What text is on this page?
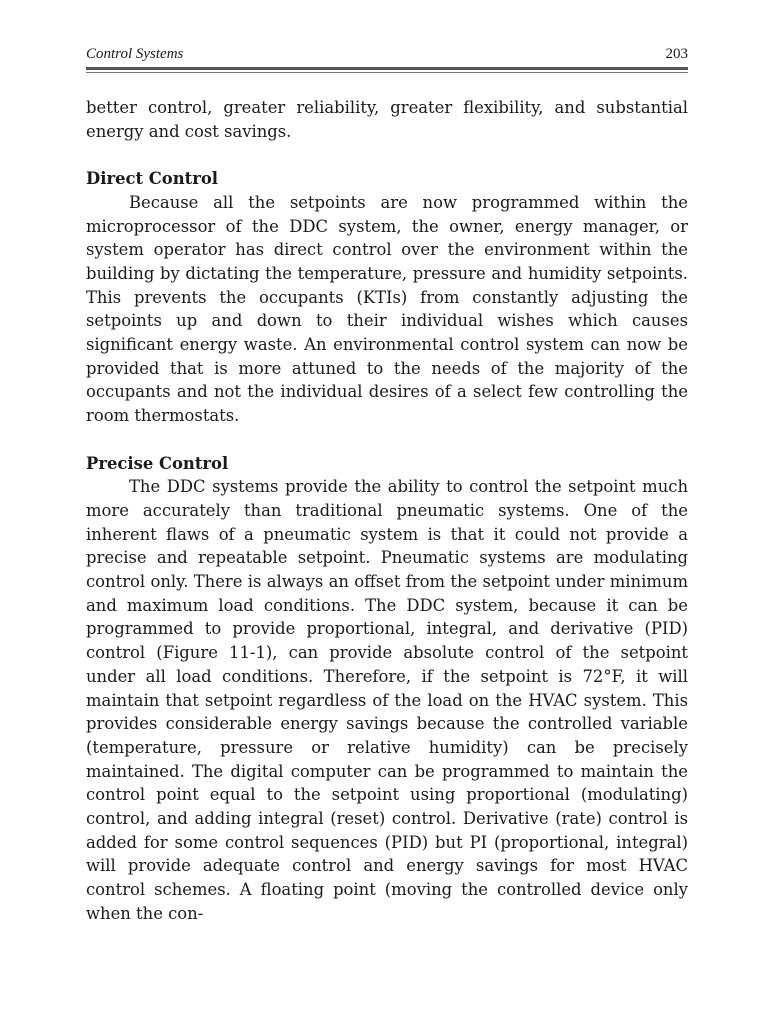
Control Systems	203

better control, greater reliability, greater flexibility, and substantial energy and cost savings.

Direct Control

Because all the setpoints are now programmed within the microprocessor of the DDC system, the owner, energy manager, or system operator has direct control over the environment within the building by dictating the temperature, pressure and humidity setpoints. This prevents the occupants (KTIs) from constantly adjusting the setpoints up and down to their individual wishes which causes significant energy waste. An environmental control system can now be provided that is more attuned to the needs of the majority of the occupants and not the individual desires of a select few controlling the room thermostats.

Precise Control

The DDC systems provide the ability to control the setpoint much more accurately than traditional pneumatic systems. One of the inherent flaws of a pneumatic system is that it could not provide a precise and repeatable setpoint. Pneumatic systems are modulating control only. There is always an offset from the setpoint under minimum and maximum load conditions. The DDC system, because it can be programmed to provide proportional, integral, and derivative (PID) control (Figure 11-1), can provide absolute control of the setpoint under all load conditions. Therefore, if the setpoint is 72°F, it will maintain that setpoint regardless of the load on the HVAC system. This provides considerable energy savings because the controlled variable (temperature, pressure or relative humidity) can be precisely maintained. The digital computer can be programmed to maintain the control point equal to the setpoint using proportional (modulating) control, and adding integral (reset) control. Derivative (rate) control is added for some control sequences (PID) but PI (proportional, integral) will provide adequate control and energy savings for most HVAC control schemes. A floating point (moving the controlled device only when the con-
